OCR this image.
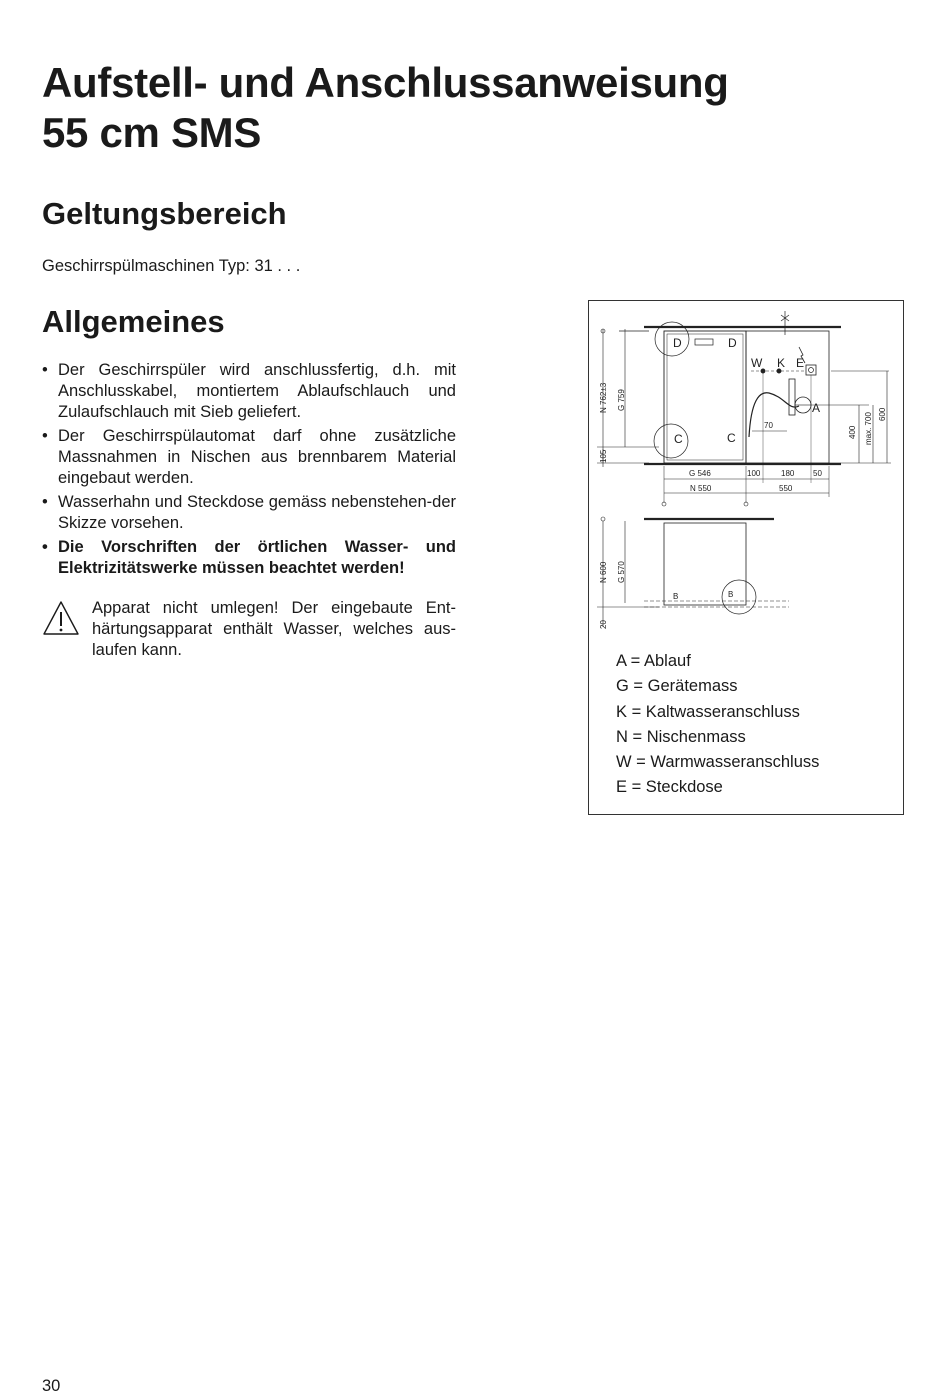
Aufstell- und Anschlussanweisung
55 cm SMS
Geltungsbereich

Geschirrspülmaschinen Typ: 31 . . .

Allgemeines
• Der Geschirrspüler wird anschlussfertig, d.h. mit Anschlusskabel, montiertem Ablaufschlauch und Zulaufschlauch mit Sieb geliefert.
• Der Geschirrspülautomat darf ohne zusätzliche Massnahmen in Nischen aus brennbarem Material eingebaut werden.
• Wasserhahn und Steckdose gemäss nebenstehen-der Skizze vorsehen.
• Die Vorschriften der örtlichen Wasser- und Elektrizitätswerke müssen beachtet werden!

Apparat nicht umlegen! Der eingebaute Ent-härtungsapparat enthält Wasser, welches aus-laufen kann.

D	D
C	C
W K E
A
B	B
70
G 546	100	180 50
N 550	550
N 762±3 G 759
105
400 max. 700 600
N 600 G 570
20
A = Ablauf
G = Gerätemass
K = Kaltwasseranschluss
N = Nischenmass
W = Warmwasseranschluss
E = Steckdose
30
